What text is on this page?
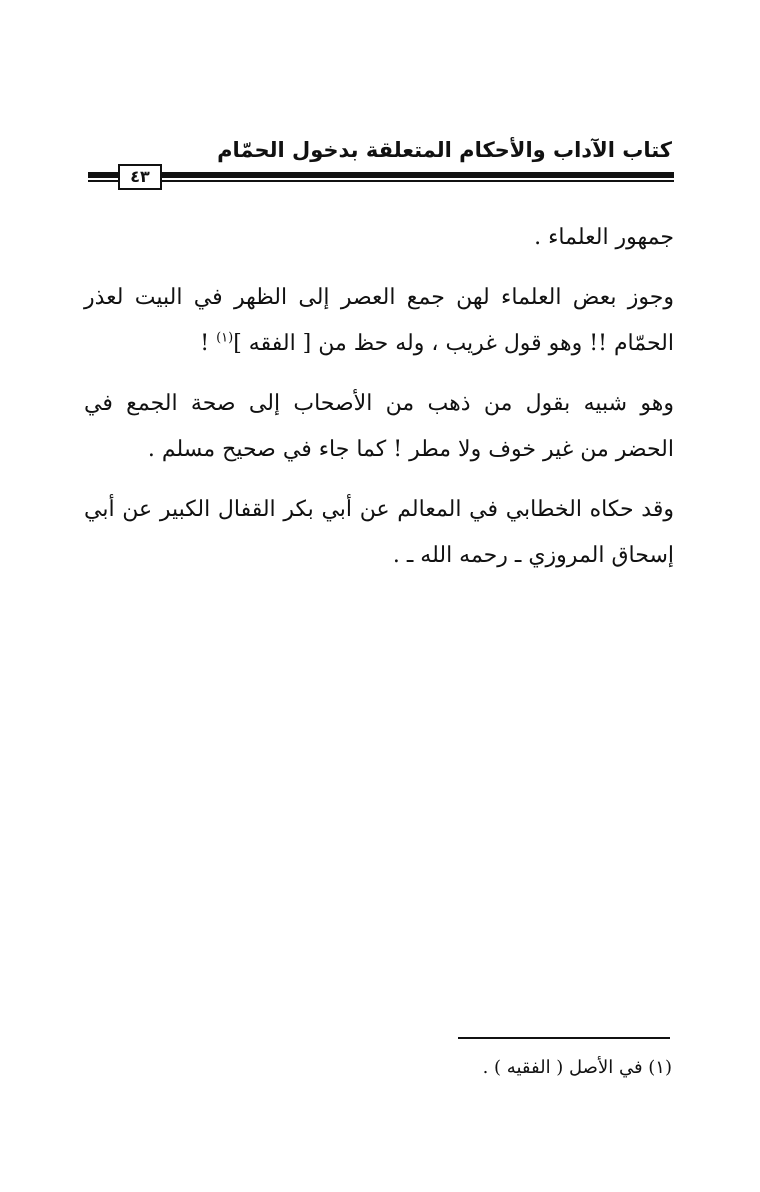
كتاب الآداب والأحكام المتعلقة بدخول الحمّام
٤٣

جمهور العلماء .

وجوز بعض العلماء لهن جمع العصر إلى الظهر في البيت لعذر الحمّام !! وهو قول غريب ، وله حظ من [ الفقه ]$^{(١)}$ !

وهو شبيه بقول من ذهب من الأصحاب إلى صحة الجمع في الحضر من غير خوف ولا مطر ! كما جاء في صحيح مسلم .

وقد حكاه الخطابي في المعالم عن أبي بكر القفال الكبير عن أبي إسحاق المروزي ـ رحمه الله ـ .

(١) في الأصل ( الفقيه ) .
